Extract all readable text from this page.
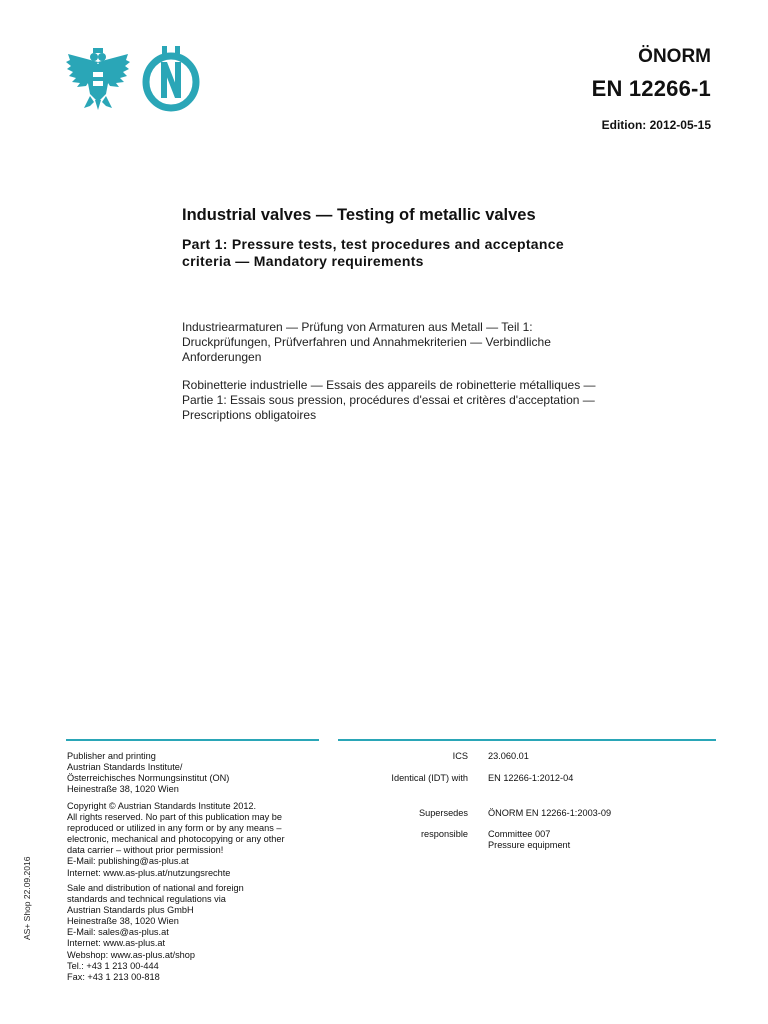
ÖNORM
EN 12266-1
Edition: 2012-05-15
Industrial valves — Testing of metallic valves
Part 1: Pressure tests, test procedures and acceptance
criteria — Mandatory requirements
Industriearmaturen — Prüfung von Armaturen aus Metall — Teil 1:
Druckprüfungen, Prüfverfahren und Annahmekriterien — Verbindliche
Anforderungen
Robinetterie industrielle — Essais des appareils de robinetterie métalliques —
Partie 1: Essais sous pression, procédures d'essai et critères d'acceptation —
Prescriptions obligatoires
Publisher and printing
Austrian Standards Institute/
Österreichisches Normungsinstitut (ON)
Heinestraße 38, 1020 Wien
Copyright © Austrian Standards Institute 2012.
All rights reserved. No part of this publication may be
reproduced or utilized in any form or by any means –
electronic, mechanical and photocopying or any other
data carrier – without prior permission!
E-Mail: publishing@as-plus.at
Internet: www.as-plus.at/nutzungsrechte
Sale and distribution of national and foreign
standards and technical regulations via
Austrian Standards plus GmbH
Heinestraße 38, 1020 Wien
E-Mail: sales@as-plus.at
Internet: www.as-plus.at
Webshop: www.as-plus.at/shop
Tel.: +43 1 213 00-444
Fax: +43 1 213 00-818
ICS 23.060.01
Identical (IDT) with EN 12266-1:2012-04
Supersedes ÖNORM EN 12266-1:2003-09
responsible Committee 007
Pressure equipment
AS+ Shop 22.09.2016
